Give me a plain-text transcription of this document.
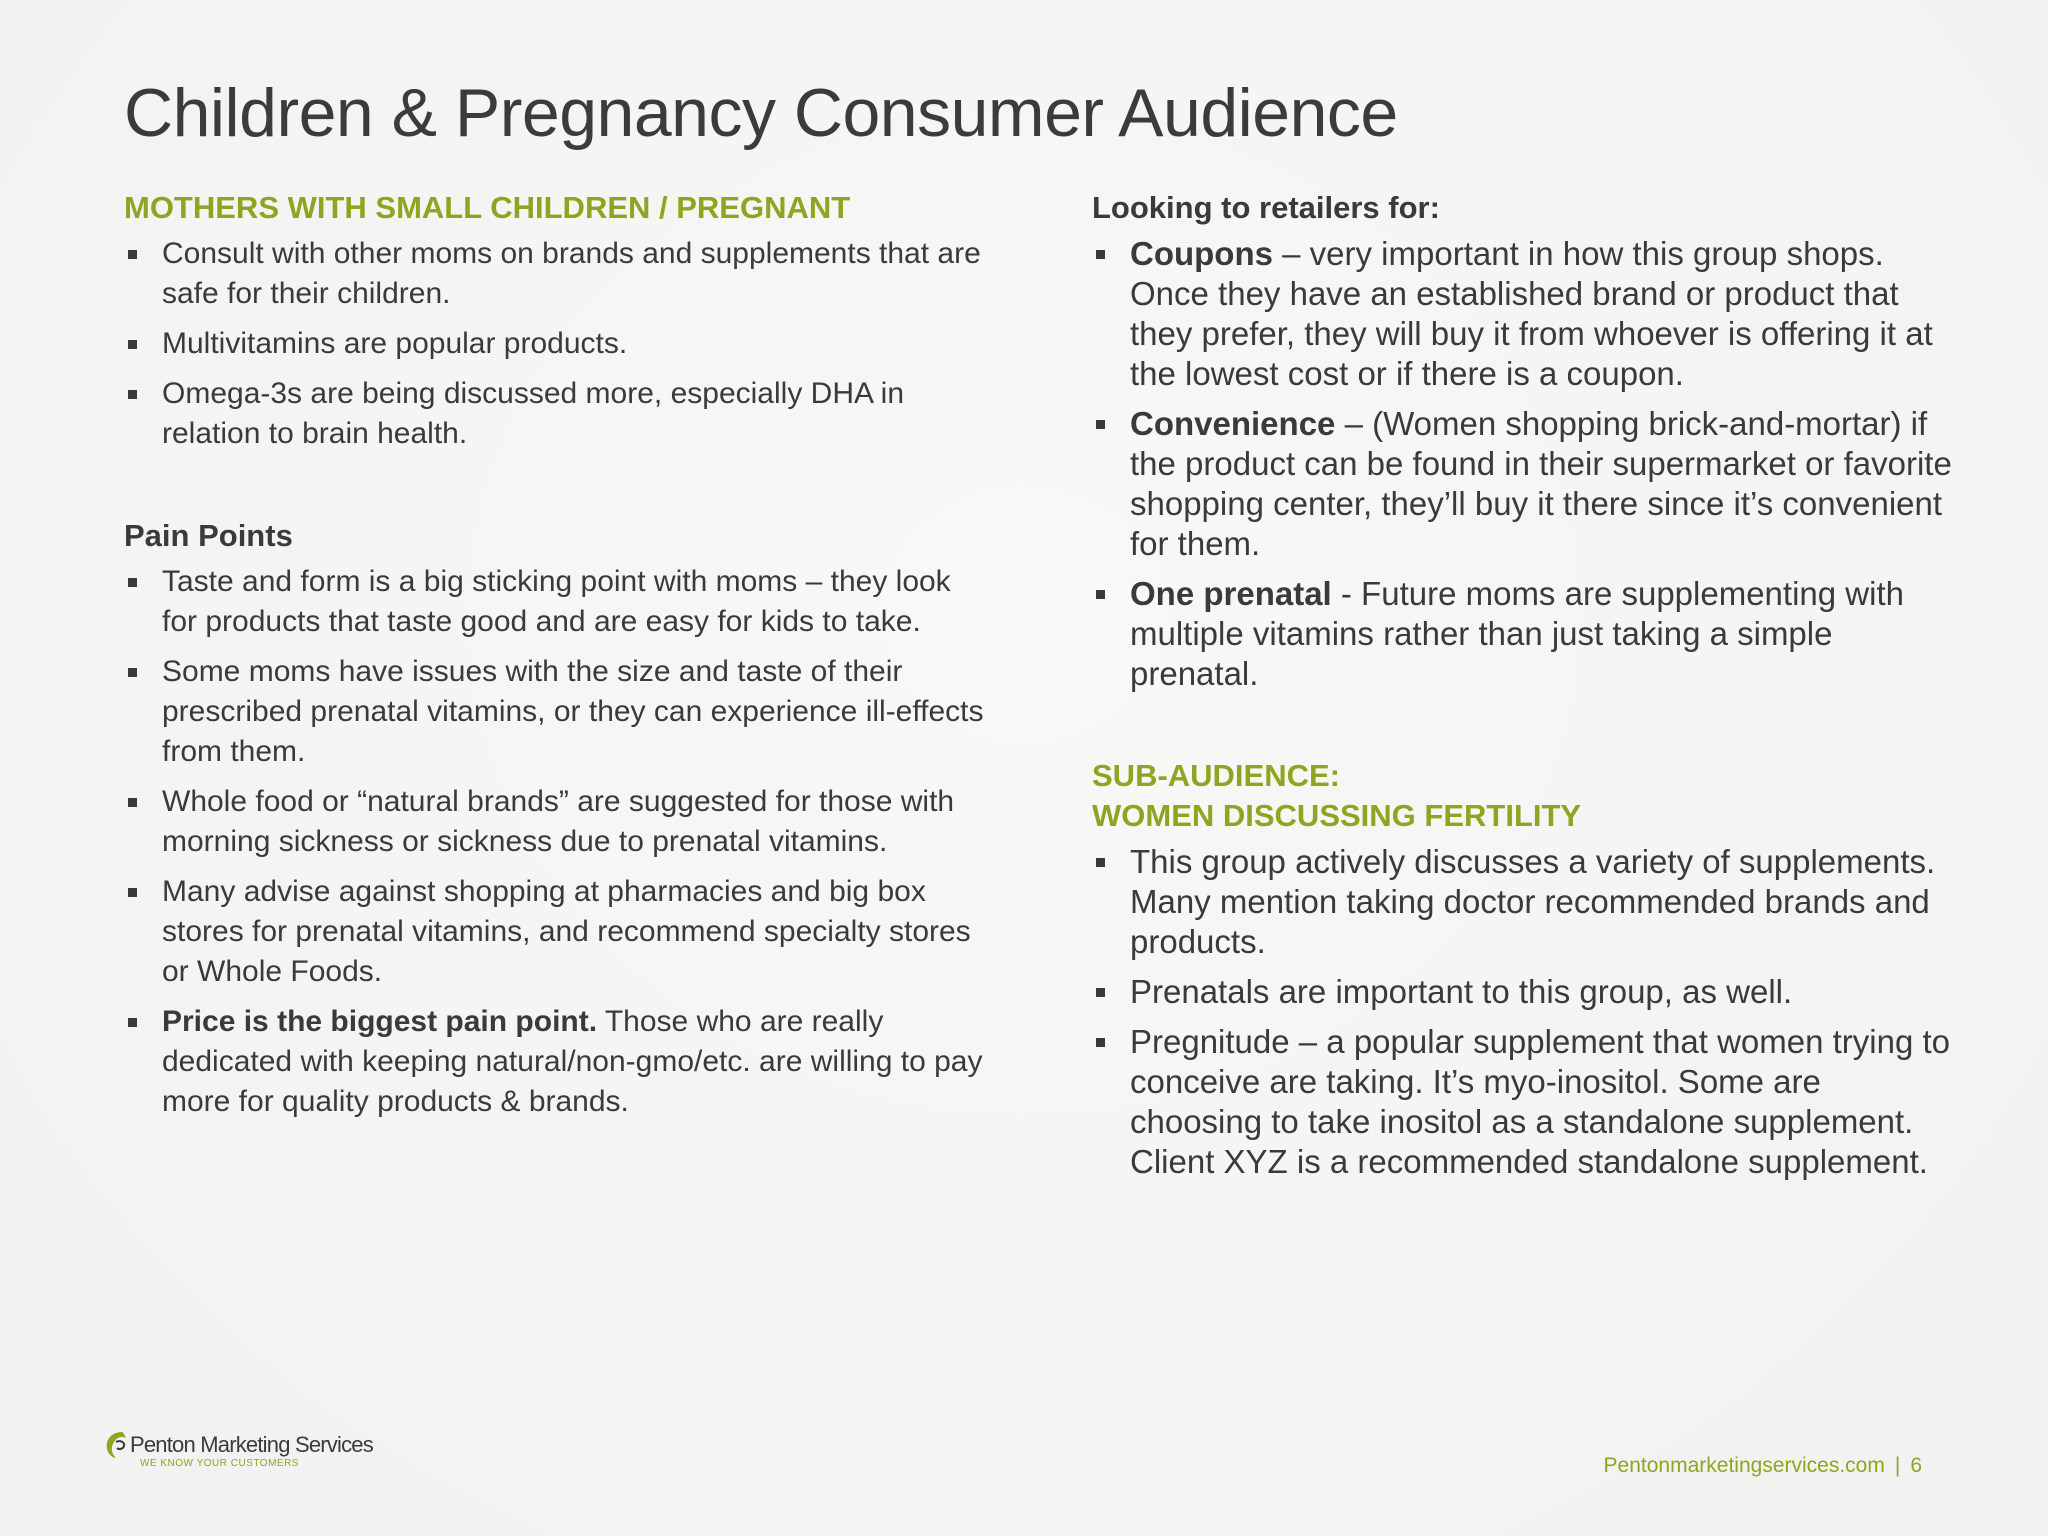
Children & Pregnancy Consumer Audience
MOTHERS WITH SMALL CHILDREN / PREGNANT
Consult with other moms on brands and supplements that are safe for their children.
Multivitamins are popular products.
Omega-3s are being discussed more, especially DHA in relation to brain health.
Pain Points
Taste and form is a big sticking point with moms – they look for products that taste good and are easy for kids to take.
Some moms have issues with the size and taste of their prescribed prenatal vitamins, or they can experience ill-effects from them.
Whole food or “natural brands” are suggested for those with morning sickness or sickness due to prenatal vitamins.
Many advise against shopping at pharmacies and big box stores for prenatal vitamins, and recommend specialty stores or Whole Foods.
Price is the biggest pain point. Those who are really dedicated with keeping natural/non-gmo/etc. are willing to pay more for quality products & brands.
Looking to retailers for:
Coupons – very important in how this group shops. Once they have an established brand or product that they prefer, they will buy it from whoever is offering it at the lowest cost or if there is a coupon.
Convenience – (Women shopping brick-and-mortar) if the product can be found in their supermarket or favorite shopping center, they’ll buy it there since it’s convenient for them.
One prenatal - Future moms are supplementing with multiple vitamins rather than just taking a simple prenatal.
SUB-AUDIENCE:
WOMEN DISCUSSING FERTILITY
This group actively discusses a variety of supplements. Many mention taking doctor recommended brands and products.
Prenatals are important to this group, as well.
Pregnitude – a popular supplement that women trying to conceive are taking. It’s myo-inositol. Some are choosing to take inositol as a standalone supplement. Client XYZ is a recommended standalone supplement.
Penton Marketing Services
WE KNOW YOUR CUSTOMERS	Pentonmarketingservices.com | 6
